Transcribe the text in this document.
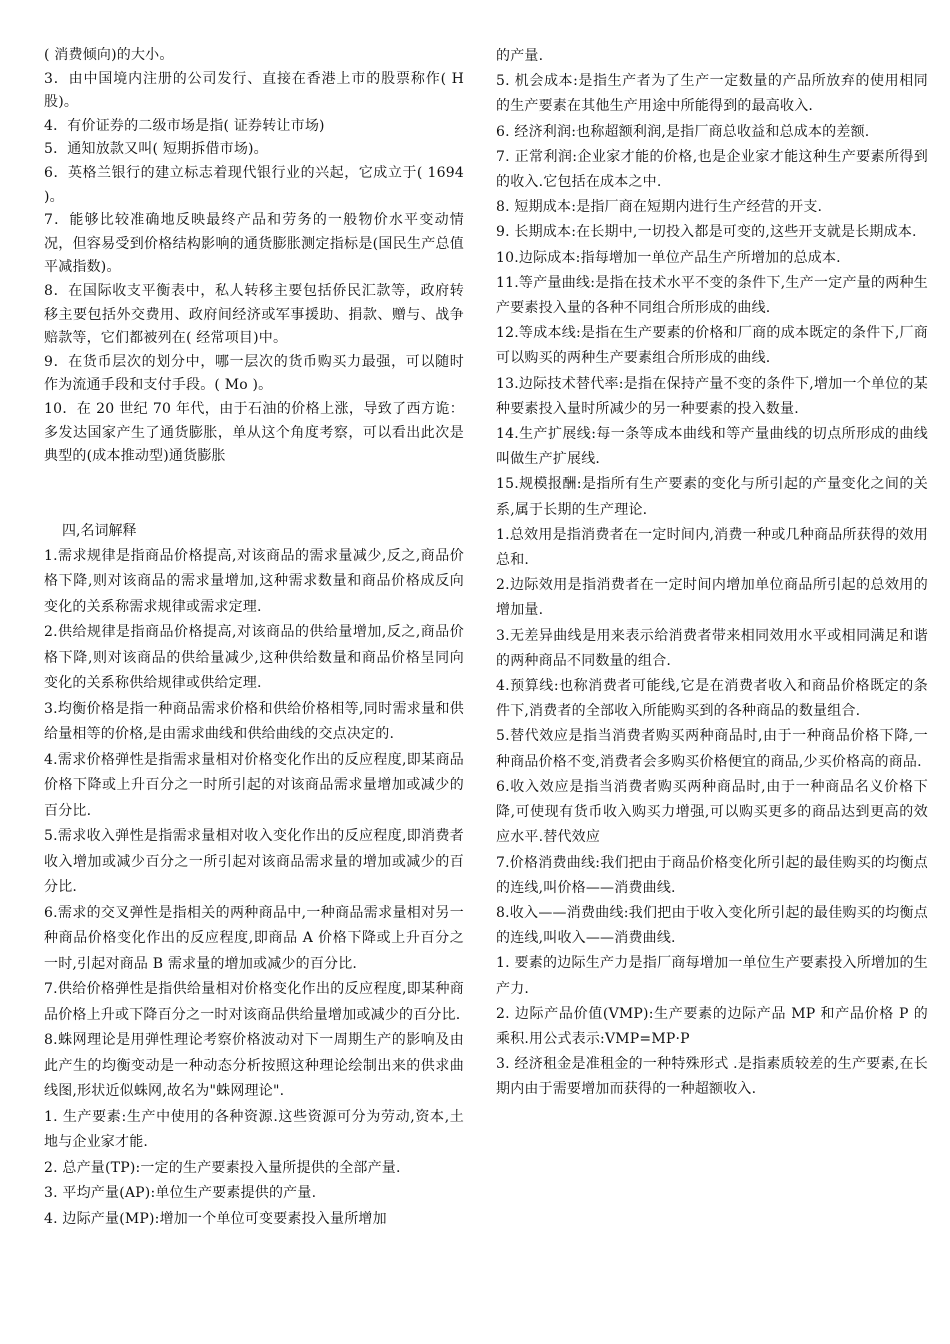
( 消费倾向)的大小。

3．由中国境内注册的公司发行、直接在香港上市的股票称作( H 股)。

4．有价证券的二级市场是指( 证券转让市场)

5．通知放款又叫( 短期拆借市场)。

6．英格兰银行的建立标志着现代银行业的兴起，它成立于( 1694 )。

7．能够比较准确地反映最终产品和劳务的一般物价水平变动情况，但容易受到价格结构影响的通货膨胀测定指标是(国民生产总值平减指数)。

8．在国际收支平衡表中，私人转移主要包括侨民汇款等，政府转移主要包括外交费用、政府间经济或军事援助、捐款、赠与、战争赔款等，它们都被列在( 经常项目)中。

9．在货币层次的划分中，哪一层次的货币购买力最强，可以随时作为流通手段和支付手段。( Mo )。

10．在 20 世纪 70 年代，由于石油的价格上涨，导致了西方诡：多发达国家产生了通货膨胀，单从这个角度考察，可以看出此次是典型的(成本推动型)通货膨胀

四,名词解释

1.需求规律是指商品价格提高,对该商品的需求量减少,反之,商品价格下降,则对该商品的需求量增加,这种需求数量和商品价格成反向变化的关系称需求规律或需求定理.

2.供给规律是指商品价格提高,对该商品的供给量增加,反之,商品价格下降,则对该商品的供给量减少,这种供给数量和商品价格呈同向变化的关系称供给规律或供给定理.

3.均衡价格是指一种商品需求价格和供给价格相等,同时需求量和供给量相等的价格,是由需求曲线和供给曲线的交点决定的.

4.需求价格弹性是指需求量相对价格变化作出的反应程度,即某商品价格下降或上升百分之一时所引起的对该商品需求量增加或减少的百分比.

5.需求收入弹性是指需求量相对收入变化作出的反应程度,即消费者收入增加或减少百分之一所引起对该商品需求量的增加或减少的百分比.

6.需求的交叉弹性是指相关的两种商品中,一种商品需求量相对另一种商品价格变化作出的反应程度,即商品 A 价格下降或上升百分之一时,引起对商品 B 需求量的增加或减少的百分比.

7.供给价格弹性是指供给量相对价格变化作出的反应程度,即某种商品价格上升或下降百分之一时对该商品供给量增加或减少的百分比.

8.蛛网理论是用弹性理论考察价格波动对下一周期生产的影响及由此产生的均衡变动是一种动态分析按照这种理论绘制出来的供求曲线图,形状近似蛛网,故名为"蛛网理论".

1. 生产要素:生产中使用的各种资源.这些资源可分为劳动,资本,土地与企业家才能.

2. 总产量(TP):一定的生产要素投入量所提供的全部产量.

3. 平均产量(AP):单位生产要素提供的产量.

4. 边际产量(MP):增加一个单位可变要素投入量所增加

的产量.

5. 机会成本:是指生产者为了生产一定数量的产品所放弃的使用相同的生产要素在其他生产用途中所能得到的最高收入.

6. 经济利润:也称超额利润,是指厂商总收益和总成本的差额.

7. 正常利润:企业家才能的价格,也是企业家才能这种生产要素所得到的收入.它包括在成本之中.

8. 短期成本:是指厂商在短期内进行生产经营的开支.

9. 长期成本:在长期中,一切投入都是可变的,这些开支就是长期成本.

10.边际成本:指每增加一单位产品生产所增加的总成本.

11.等产量曲线:是指在技术水平不变的条件下,生产一定产量的两种生产要素投入量的各种不同组合所形成的曲线.

12.等成本线:是指在生产要素的价格和厂商的成本既定的条件下,厂商可以购买的两种生产要素组合所形成的曲线.

13.边际技术替代率:是指在保持产量不变的条件下,增加一个单位的某种要素投入量时所减少的另一种要素的投入数量.

14.生产扩展线:每一条等成本曲线和等产量曲线的切点所形成的曲线叫做生产扩展线.

15.规模报酬:是指所有生产要素的变化与所引起的产量变化之间的关系,属于长期的生产理论.

1.总效用是指消费者在一定时间内,消费一种或几种商品所获得的效用总和.

2.边际效用是指消费者在一定时间内增加单位商品所引起的总效用的增加量.

3.无差异曲线是用来表示给消费者带来相同效用水平或相同满足和谐的两种商品不同数量的组合.

4.预算线:也称消费者可能线,它是在消费者收入和商品价格既定的条件下,消费者的全部收入所能购买到的各种商品的数量组合.

5.替代效应是指当消费者购买两种商品时,由于一种商品价格下降,一种商品价格不变,消费者会多购买价格便宜的商品,少买价格高的商品.

6.收入效应是指当消费者购买两种商品时,由于一种商品名义价格下降,可使现有货币收入购买力增强,可以购买更多的商品达到更高的效应水平.替代效应

7.价格消费曲线:我们把由于商品价格变化所引起的最佳购买的均衡点的连线,叫价格——消费曲线.

8.收入——消费曲线:我们把由于收入变化所引起的最佳购买的均衡点的连线,叫收入——消费曲线.

1. 要素的边际生产力是指厂商每增加一单位生产要素投入所增加的生产力.

2. 边际产品价值(VMP):生产要素的边际产品 MP 和产品价格 P 的乘积.用公式表示:VMP=MP·P

3. 经济租金是准租金的一种特殊形式 .是指素质较差的生产要素,在长期内由于需要增加而获得的一种超额收入.
